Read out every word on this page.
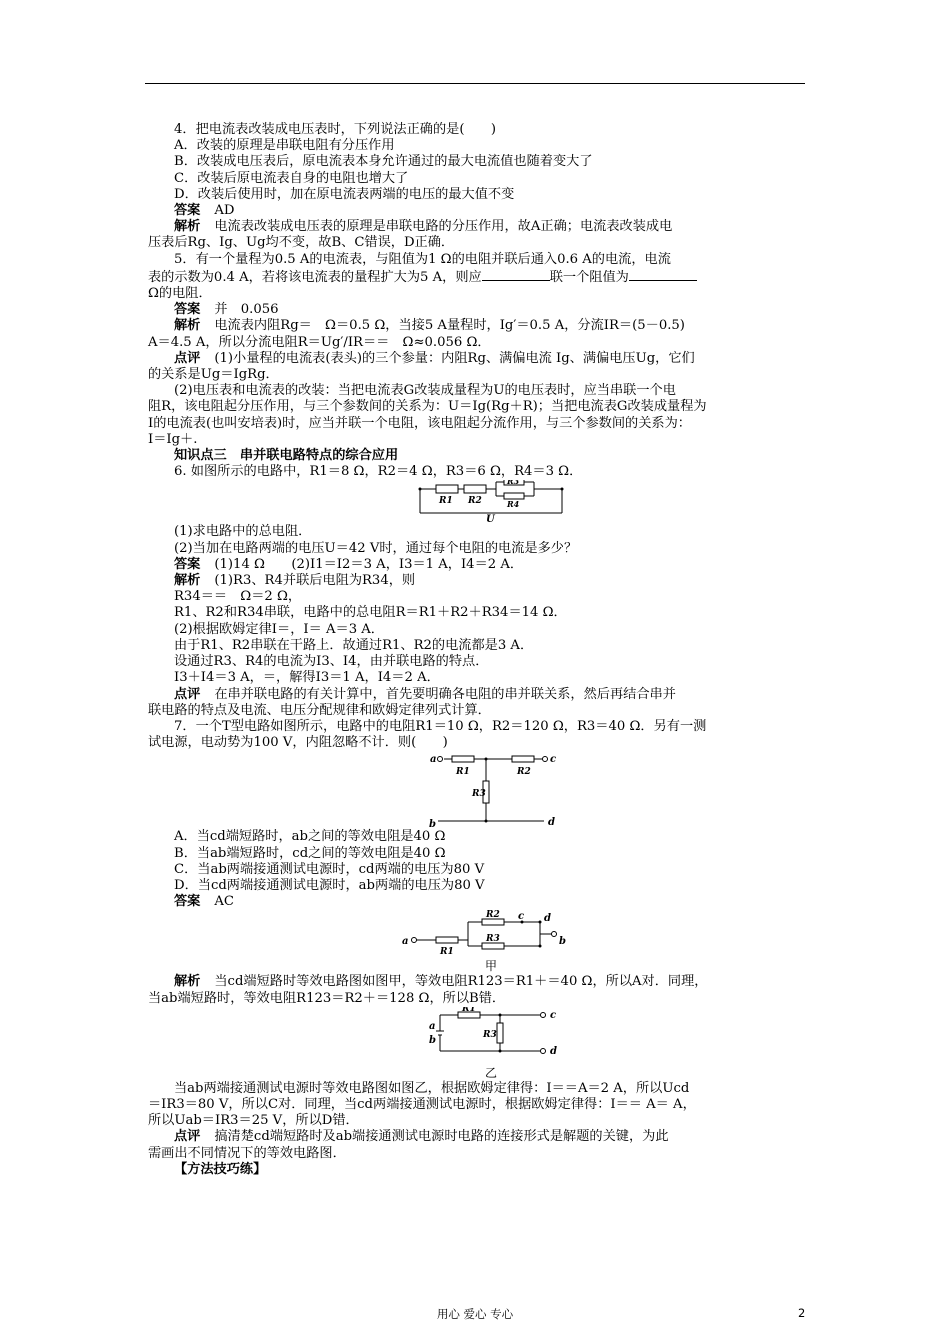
4．把电流表改装成电压表时，下列说法正确的是(　　)

A．改装的原理是串联电阻有分压作用

B．改装成电压表后，原电流表本身允许通过的最大电流值也随着变大了

C．改装后原电流表自身的电阻也增大了

D．改装后使用时，加在原电流表两端的电压的最大值不变

答案 AD

解析 电流表改装成电压表的原理是串联电路的分压作用，故A正确；电流表改装成电

压表后Rg、Ig、Ug均不变，故B、C错误，D正确．

5．有一个量程为0.5 A的电流表，与阻值为1 Ω的电阻并联后通入0.6 A的电流，电流

表的示数为0.4 A，若将该电流表的量程扩大为5 A，则应	联一个阻值为

Ω的电阻．

答案 并　0.056

解析 电流表内阻Rg＝　Ω＝0.5 Ω，当接5 A量程时，Ig′＝0.5 A，分流IR＝(5－0.5)

A＝4.5 A，所以分流电阻R＝Ug′/IR＝＝　Ω≈0.056 Ω．

点评 (1)小量程的电流表(表头)的三个参量：内阻Rg、满偏电流 Ig、满偏电压Ug，它们

的关系是Ug＝IgRg．

(2)电压表和电流表的改装：当把电流表G改装成量程为U的电压表时，应当串联一个电

阻R，该电阻起分压作用，与三个参数间的关系为：U＝Ig(Rg＋R)；当把电流表G改装成量程为

I的电流表(也叫安培表)时，应当并联一个电阻，该电阻起分流作用，与三个参数间的关系为：

I＝Ig＋.

知识点三　串并联电路特点的综合应用

6. 如图所示的电路中，R1＝8 Ω，R2＝4 Ω，R3＝6 Ω，R4＝3 Ω．

R1 R2
R3
R4
U

(1)求电路中的总电阻．

(2)当加在电路两端的电压U＝42 V时，通过每个电阻的电流是多少？

答案 (1)14 Ω　　(2)I1＝I2＝3 A，I3＝1 A，I4＝2 A．

解析 (1)R3、R4并联后电阻为R34，则

R34＝＝　Ω＝2 Ω，

R1、R2和R34串联，电路中的总电阻R＝R1＋R2＋R34＝14 Ω．

(2)根据欧姆定律I＝，I＝ A＝3 A．

由于R1、R2串联在干路上．故通过R1、R2的电流都是3 A．

设通过R3、R4的电流为I3、I4，由并联电路的特点．

I3＋I4＝3 A，＝，解得I3＝1 A，I4＝2 A．

点评 在串并联电路的有关计算中，首先要明确各电阻的串并联关系，然后再结合串并

联电路的特点及电流、电压分配规律和欧姆定律列式计算．

7．一个T型电路如图所示，电路中的电阻R1＝10 Ω，R2＝120 Ω，R3＝40 Ω．另有一测

试电源，电动势为100 V，内阻忽略不计．则(　　)

a	c
b	d
R1	R2
R3

A．当cd端短路时，ab之间的等效电阻是40 Ω

B．当ab端短路时，cd之间的等效电阻是40 Ω

C．当ab两端接通测试电源时，cd两端的电压为80 V

D．当cd两端接通测试电源时，ab两端的电压为80 V

答案 AC

a	b
c d
R1
R2
R3
甲

解析 当cd端短路时等效电路图如图甲，等效电阻R123＝R1＋＝40 Ω，所以A对．同理，

当ab端短路时，等效电阻R123＝R2＋＝128 Ω，所以B错．

a
b
c
d
R1
R3
乙

当ab两端接通测试电源时等效电路图如图乙，根据欧姆定律得：I＝＝A＝2 A，所以Ucd

＝IR3＝80 V，所以C对．同理，当cd两端接通测试电源时，根据欧姆定律得：I＝＝ A＝ A，

所以Uab＝IR3＝25 V，所以D错．

点评 搞清楚cd端短路时及ab端接通测试电源时电路的连接形式是解题的关键，为此

需画出不同情况下的等效电路图．

【方法技巧练】

用心 爱心 专心	2
